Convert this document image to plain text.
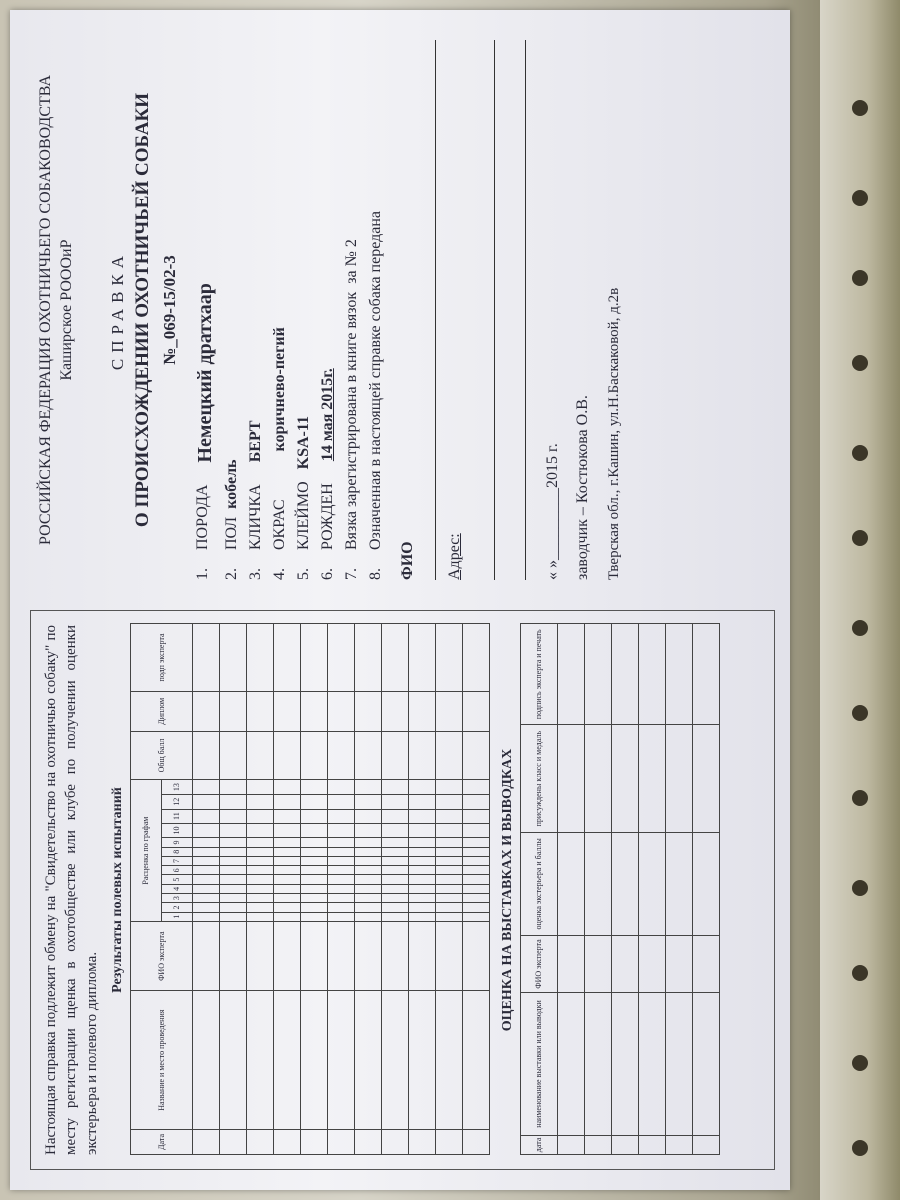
Настоящая справка подлежит обмену на "Свидетельство на охотничью собаку" по месту регистрации щенка в охотобществе или клубе по получении оценки экстерьера и полевого диплома.
Результаты полевых испытаний
Дата	Название и место проведения	ФИО эксперта	Расценка по графам													Общ балл	Диплом	подп эксперта
			1	2	3	4	5	6	7	8	9	10	11	12	13			

																			ОЦЕНКА НА ВЫСТАВКАХ И ВЫВОДКАХ
дата	наименование выставки или выводки	ФИО эксперта	оценка экстерьера и баллы	присуждены класс и медаль	подпись эксперта и печать

РОССИЙСКАЯ ФЕДЕРАЦИЯ ОХОТНИЧЬЕГО СОБАКОВОДСТВА Каширское РОООиР СПРАВКА О ПРОИСХОЖДЕНИИ ОХОТНИЧЬЕЙ СОБАКИ №_069-15/02-3
1.
ПОРОДА
Немецкий дратхаар
2.
ПОЛ
кобель
3.
КЛИЧКА
БЕРТ
4.
ОКРАС
коричнево-пегий
5.
КЛЕЙМО
KSA-11
6.
РОЖДЕН
14 мая 2015г.
7.
Вязка зарегистрирована в книге вязок
за № 2
8.
Означенная в настоящей справке собака передана
ФИО	Адрес:	« »_________2015 г. заводчик – Костюкова О.В. Тверская обл., г.Кашин, ул.Н.Баскаковой, д.2в
